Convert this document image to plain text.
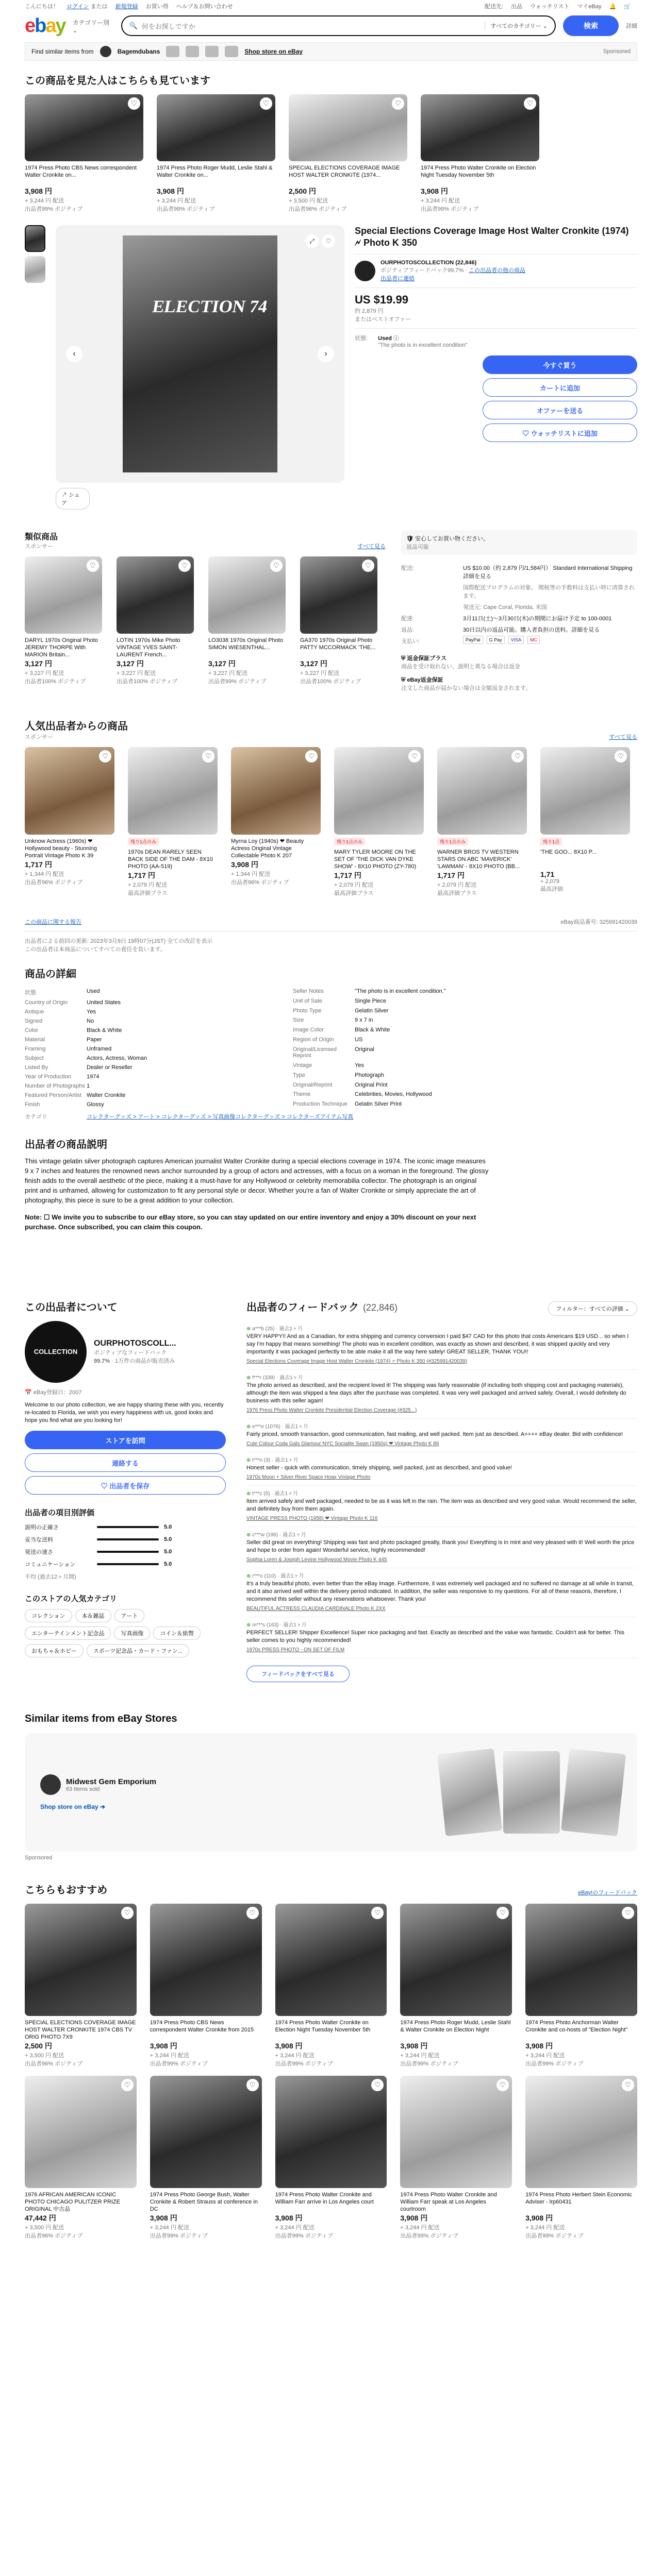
こんにちは！ ログイン または 新規登録 お買い得 ヘルプ＆お問い合わせ	配送先: 出品 ウォッチリスト マイeBay 🔔 🛒
ebay カテゴリー別 ⌄
🔍 何をお探しですか	すべてのカテゴリー ⌄	検索	詳細
Find similar items from	Bagemdubans	Shop store on eBay	Sponsored
この商品を見た人はこちらも見ています
♡
1974 Press Photo CBS News correspondent Walter Cronkite on...
3,908 円
+ 3,244 円 配送
出品者99% ポジティブ
♡
1974 Press Photo Roger Mudd, Leslie Stahl & Walter Cronkite on...
3,908 円
+ 3,244 円 配送
出品者99% ポジティブ
♡
SPECIAL ELECTIONS COVERAGE IMAGE HOST WALTER CRONKITE (1974...
2,500 円
+ 3,500 円 配送
出品者96% ポジティブ
♡
1974 Press Photo Walter Cronkite on Election Night Tuesday November 5th
3,908 円
+ 3,244 円 配送
出品者99% ポジティブ
ELECTION 74
‹	›
⤢	♡
↗ シェア
Special Elections Coverage Image Host Walter Cronkite (1974) 🗲 Photo K 350
OURPHOTOSCOLLECTION (22,846)
ポジティブフィードバック99.7% · この出品者の他の商品
出品者に連絡
US $19.99
約 2,879 円
またはベストオファー
状態: Used ⓘ
"The photo is in excellent condition"
今すぐ買う カートに追加 オファーを送る ♡ ウォッチリストに追加
類似商品
スポンサー	すべて見る
♡
DARYL 1970s Original Photo JEREMY THORPE With MARION Britain...
3,127 円
+ 3,227 円 配送
出品者100% ポジティブ
♡
LOTIN 1970s Mike Photo VINTAGE YVES SAINT-LAURENT French...
3,127 円
+ 3,227 円 配送
出品者100% ポジティブ
♡
LO3038 1970s Original Photo SIMON WIESENTHAL...
3,127 円
+ 3,227 円 配送
出品者99% ポジティブ
♡
GA370 1970s Original Photo PATTY MCCORMACK 'THE...
3,127 円
+ 3,227 円 配送
出品者100% ポジティブ
🛡 安心してお買い物ください。
返品可能
配送:	US $10.00（約 2,879 円/1,584円） Standard International Shipping 詳細を見る
	国際配送プログラムの対象。 関税等の手数料は支払い時に清算されます。
	発送元: Cape Coral, Florida, 米国
配達:	3月11日(土)～3月30日(木)の期間にお届け予定 to 100-0001
返品:	30日以内の返品可能。購入者負担の送料。詳細を見る
支払い:	PayPal G Pay VISA MC
⛨ 返金保証プラス
商品を受け取れない、説明と異なる場合は返金
⛨ eBay返金保証
注文した商品が届かない場合は全額返金されます。
人気出品者からの商品
スポンサー	すべて見る
♡
Unknow Actress (1960s) ❤ Hollywood beauty - Stunning Portrait Vintage Photo K 39
1,717 円
+ 1,344 円 配送
出品者96% ポジティブ
♡
残り1点のみ
1970s DEAN RARELY SEEN BACK SIDE OF THE DAM - 8X10 PHOTO (AA-519)
1,717 円
+ 2,079 円 配送
最高評価プラス
♡
Myrna Loy (1940s) ❤ Beauty Actress Original Vintage Collectable Photo K 207
3,908 円
+ 1,344 円 配送
出品者96% ポジティブ
♡
残り1点のみ
MARY TYLER MOORE ON THE SET OF 'THE DICK VAN DYKE SHOW' - 8X10 PHOTO (ZY-780)
1,717 円
+ 2,079 円 配送
最高評価プラス
♡
残り1点のみ
WARNER BROS TV WESTERN STARS ON ABC 'MAVERICK' 'LAWMAN' - 8X10 PHOTO (BB...
1,717 円
+ 2,079 円 配送
最高評価プラス
♡
残り1点
'THE GOO... 8X10 P...
1,71
+ 2,079
最高評価
この商品に関する報告	eBay商品番号: 325991420039
出品者による前回の更新: 2023年3月9日 19時07分(JST) 全ての改訂を表示
この出品者は本商品についてすべての責任を負います。
商品の詳細
状態	Used
Country of Origin	United States
Antique	Yes
Signed	No
Color	Black & White
Material	Paper
Framing	Unframed
Subject	Actors, Actress, Woman
Listed By	Dealer or Reseller
Year of Production	1974
Number of Photographs	1
Featured Person/Artist	Walter Cronkite
Finish	Glossy
Seller Notes	"The photo is in excellent condition."
Unit of Sale	Single Piece
Photo Type	Gelatin Silver
Size	9 x 7 in
Image Color	Black & White
Region of Origin	US
Original/Licensed Reprint	Original
Vintage	Yes
Type	Photograph
Original/Reprint	Original Print
Theme	Celebrities, Movies, Hollywood
Production Technique	Gelatin Silver Print
カテゴリ	コレクターグッズ > アート > コレクターグッズ > 写真画像コレクターグッズ > コレクターズアイテム写真
出品者の商品説明
This vintage gelatin silver photograph captures American journalist Walter Cronkite during a special elections coverage in 1974. The iconic image measures 9 x 7 inches and features the renowned news anchor surrounded by a group of actors and actresses, with a focus on a woman in the foreground. The glossy finish adds to the overall aesthetic of the piece, making it a must-have for any Hollywood or celebrity memorabilia collector. The photograph is an original print and is unframed, allowing for customization to fit any personal style or decor. Whether you're a fan of Walter Cronkite or simply appreciate the art of photography, this piece is sure to be a great addition to your collection.
Note: ☐ We invite you to subscribe to our eBay store, so you can stay updated on our entire inventory and enjoy a 30% discount on your next purchase. Once subscribed, you can claim this coupon.
この出品者について
COLLECTION
OURPHOTOSCOLL...
ポジティブなフィードバック
99.7% · 1万件の商品が販売済み
📅 eBay登録日：2007
Welcome to our photo collection, we are happy sharing these with you, recently re-located to Florida, we wish you every happiness with us, good looks and hope you find what are you looking for!
ストアを訪問 連絡する ♡ 出品者を保存
出品者の項目別評価
説明の正確さ	5.0
妥当な送料	5.0
発送の速さ	5.0
コミュニケーション	5.0
平均 (過去12ヶ月間)
このストアの人気カテゴリ
コレクション	本＆雑誌	アートエンターテインメント記念品	写真画像	コイン＆紙幣おもちゃ＆ホビー	スポーツ記念品・カード・ファン...
出品者のフィードバック (22,846)	フィルター：すべての評価 ⌄
⊕ a***b (25) · 過去1ヶ月
VERY HAPPY!! And as a Canadian, for extra shipping and currency conversion I paid $47 CAD for this photo that costs Americans $19 USD... so when I say I'm happy that means something! The photo was in excellent condition, was exactly as shown and described, it was shipped quickly and very importantly it was packaged perfectly to be able make it all the way here safely! GREAT SELLER, THANK YOU!!
Special Elections Coverage Image Host Walter Cronkite (1974) 🗲 Photo K 350 (#325991420039)
⊕ f***r (339) · 過去1ヶ月
The photo arrived as described, and the recipient loved it! The shipping was fairly reasonable (if including both shipping cost and packaging materials), although the item was shipped a few days after the purchase was completed. It was very well packaged and arrived safely. Overall, I would definitely do business with this seller again!
1976 Press Photo Walter Cronkite Presidential Election Coverage (#325...)
⊕ e***e (1076) · 過去1ヶ月
Fairly priced, smooth transaction, good communication, fast mailing, and well packed. Item just as described. A++++ eBay dealer. Bid with confidence!
Cute Colour Coda Gals Glamour NYC Socialite Swan (1950s) ❤ Vintage Photo K 86
⊕ t***n (3) · 過去1ヶ月
Honest seller - quick with communication, timely shipping, well packed, just as described, and good value!
1970s Moon + Silver River Space Hoax Vintage Photo
⊕ t***c (5) · 過去1ヶ月
Item arrived safely and well packaged, needed to be as it was left in the rain. The item was as described and very good value. Would recommend the seller, and definitely buy from them again.
VINTAGE PRESS PHOTO (1958) ❤ Vintage Photo K 116
⊕ c***w (196) · 過去1ヶ月
Seller did great on everything! Shipping was fast and photo packaged greatly, thank you! Everything is in mint and very pleased with it! Well worth the price and hope to order from again! Wonderful service, highly recommended!
Sophia Loren & Joseph Levine Hollywood Movie Photo K 445
⊕ r***o (110) · 過去1ヶ月
It's a truly beautiful photo, even better than the eBay image. Furthermore, it was extremely well packaged and no suffered no damage at all while in transit, and it also arrived well within the delivery period indicated. In addition, the seller was responsive to my questions. For all of these reasons, therefore, I recommend this seller without any reservations whatsoever. Thank you!
BEAUTIFUL ACTRESS CLAUDIA CARDINALE Photo K 2XX
⊕ m***s (163) · 過去1ヶ月
PERFECT SELLER! Shipper Excellence! Super nice packaging and fast. Exactly as described and the value was fantastic. Couldn't ask for better. This seller comes to you highly recommended!
1970s PRESS PHOTO - ON SET OF FILM
フィードバックをすべて見る
Similar items from eBay Stores
Midwest Gem Emporium
63 Items sold
Shop store on eBay ➔
Sponsored
こちらもおすすめ	eBay!のフィードバック
♡
SPECIAL ELECTIONS COVERAGE IMAGE HOST WALTER CRONKITE 1974 CBS TV ORIG PHOTO 7X9
2,500 円
+ 3,500 円 配送
出品者96% ポジティブ
♡
1974 Press Photo CBS News correspondent Walter Cronkite from 2015
3,908 円
+ 3,244 円 配送
出品者99% ポジティブ
♡
1974 Press Photo Walter Cronkite on Election Night Tuesday November 5th
3,908 円
+ 3,244 円 配送
出品者99% ポジティブ
♡
1974 Press Photo Roger Mudd, Leslie Stahl & Walter Cronkite on Election Night
3,908 円
+ 3,244 円 配送
出品者99% ポジティブ
♡
1974 Press Photo Anchorman Walter Cronkite and co-hosts of "Election Night"
3,908 円
+ 3,244 円 配送
出品者99% ポジティブ
♡
1976 AFRICAN AMERICAN ICONIC PHOTO CHICAGO PULITZER PRIZE ORIGINAL 中古品
47,442 円
+ 3,500 円 配送
出品者96% ポジティブ
♡
1974 Press Photo George Bush, Walter Cronkite & Robert Strauss at conference in DC
3,908 円
+ 3,244 円 配送
出品者99% ポジティブ
♡
1974 Press Photo Walter Cronkite and William Farr arrive in Los Angeles court
3,908 円
+ 3,244 円 配送
出品者99% ポジティブ
♡
1974 Press Photo Walter Cronkite and William Farr speak at Los Angeles courtroom
3,908 円
+ 3,244 円 配送
出品者99% ポジティブ
♡
1974 Press Photo Herbert Stein Economic Adviser - lrp60431
3,908 円
+ 3,244 円 配送
出品者99% ポジティブ
